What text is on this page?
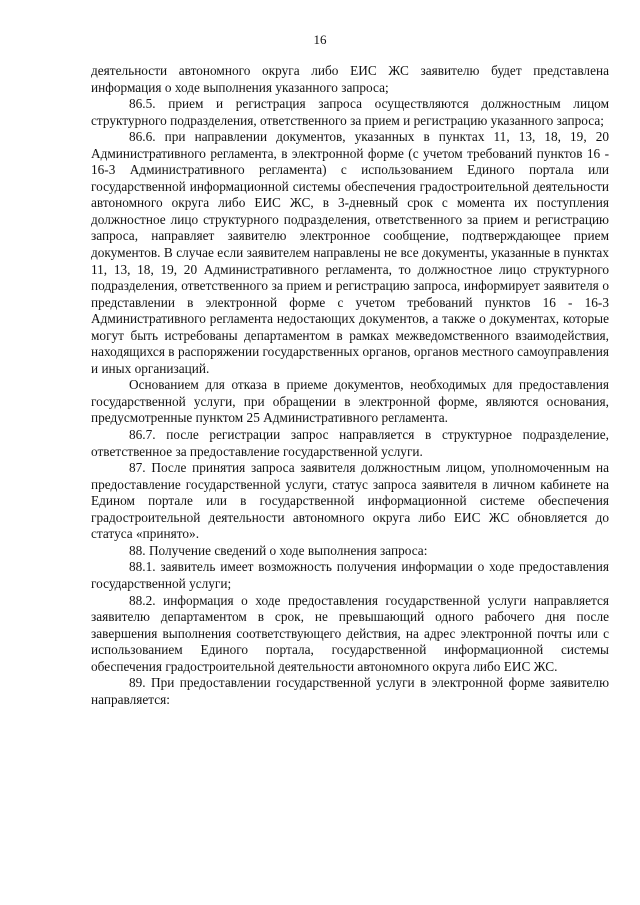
16

деятельности автономного округа либо ЕИС ЖС заявителю будет представлена информация о ходе выполнения указанного запроса;

86.5. прием и регистрация запроса осуществляются должностным лицом структурного подразделения, ответственного за прием и регистрацию указанного запроса;

86.6. при направлении документов, указанных в пунктах 11, 13, 18, 19, 20 Административного регламента, в электронной форме (с учетом требований пунктов 16 - 16-3 Административного регламента) с использованием Единого портала или государственной информационной системы обеспечения градостроительной деятельности автономного округа либо ЕИС ЖС, в 3-дневный срок с момента их поступления должностное лицо структурного подразделения, ответственного за прием и регистрацию запроса, направляет заявителю электронное сообщение, подтверждающее прием документов. В случае если заявителем направлены не все документы, указанные в пунктах 11, 13, 18, 19, 20 Административного регламента, то должностное лицо структурного подразделения, ответственного за прием и регистрацию запроса, информирует заявителя о представлении в электронной форме с учетом требований пунктов 16 - 16-3 Административного регламента недостающих документов, а также о документах, которые могут быть истребованы департаментом в рамках межведомственного взаимодействия, находящихся в распоряжении государственных органов, органов местного самоуправления и иных организаций.

Основанием для отказа в приеме документов, необходимых для предоставления государственной услуги, при обращении в электронной форме, являются основания, предусмотренные пунктом 25 Административного регламента.

86.7. после регистрации запрос направляется в структурное подразделение, ответственное за предоставление государственной услуги.

87. После принятия запроса заявителя должностным лицом, уполномоченным на предоставление государственной услуги, статус запроса заявителя в личном кабинете на Едином портале или в государственной информационной системе обеспечения градостроительной деятельности автономного округа либо ЕИС ЖС обновляется до статуса «принято».

88. Получение сведений о ходе выполнения запроса:

88.1. заявитель имеет возможность получения информации о ходе предоставления государственной услуги;

88.2. информация о ходе предоставления государственной услуги направляется заявителю департаментом в срок, не превышающий одного рабочего дня после завершения выполнения соответствующего действия, на адрес электронной почты или с использованием Единого портала, государственной информационной системы обеспечения градостроительной деятельности автономного округа либо ЕИС ЖС.

89. При предоставлении государственной услуги в электронной форме заявителю направляется:
